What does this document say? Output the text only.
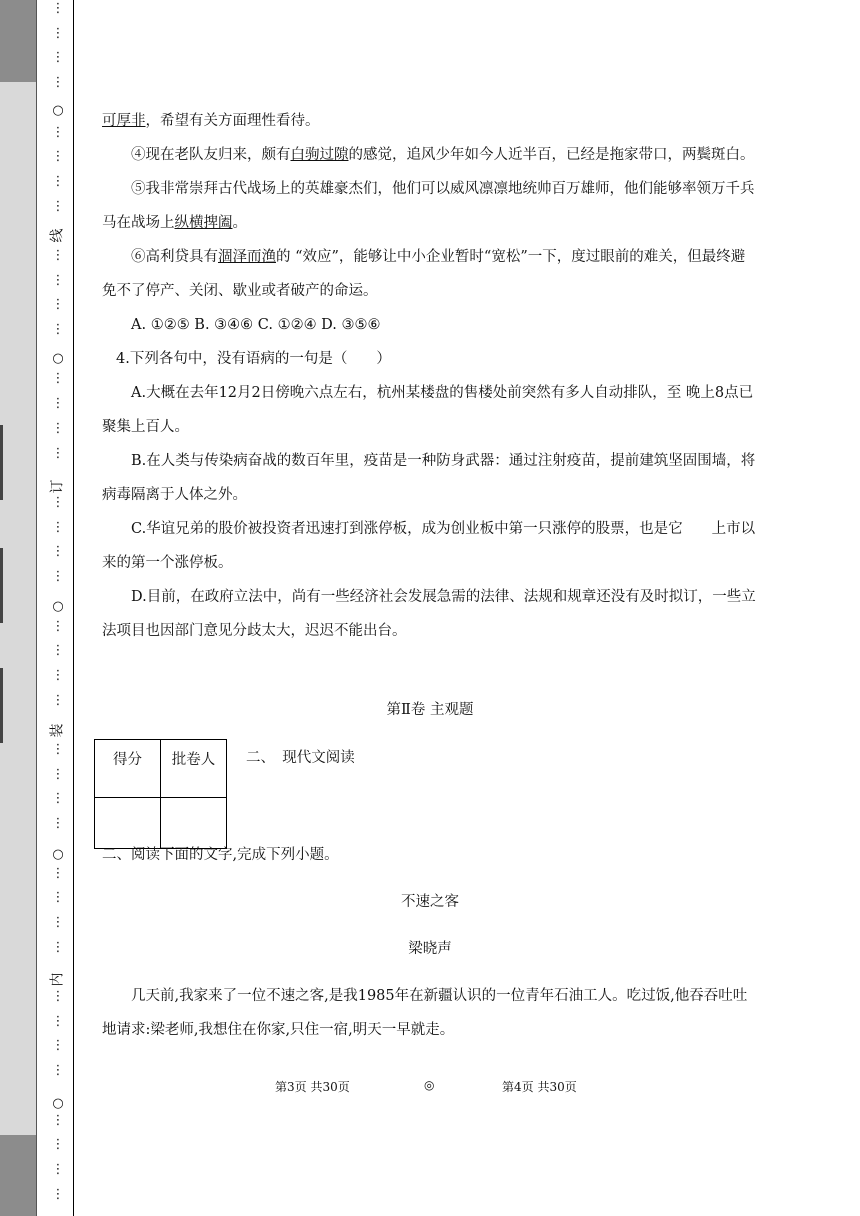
⋮
⋮
⋮
⋮
⋮
⋮
⋮
⋮
⋮
⋮
⋮
⋮
⋮
⋮
⋮
⋮
⋮
⋮
⋮
⋮
⋮
⋮
⋮
⋮
⋮
⋮
⋮
⋮
⋮
⋮
⋮
⋮
⋮
⋮
⋮
⋮
⋮
⋮
⋮
⋮
○
○
○
○
○
线
订
装
内

可厚非，希望有关方面理性看待。

④现在老队友归来，颇有白驹过隙的感觉，追风少年如今人近半百，已经是拖家带口，两鬓斑白。

⑤我非常崇拜古代战场上的英雄豪杰们，他们可以威风凛凛地统帅百万雄师，他们能够率领万千兵马在战场上纵横捭阖。

⑥高利贷具有涸泽而渔的 “效应”，能够让中小企业暂时“宽松”一下，度过眼前的难关，但最终避免不了停产、关闭、歇业或者破产的命运。

A. ①②⑤ B. ③④⑥ C. ①②④ D. ③⑤⑥

4.下列各句中，没有语病的一句是（　　）

A.大概在去年12月2日傍晚六点左右，杭州某楼盘的售楼处前突然有多人自动排队，至 晚上8点已聚集上百人。

B.在人类与传染病奋战的数百年里，疫苗是一种防身武器：通过注射疫苗，提前建筑坚固围墙，将病毒隔离于人体之外。

C.华谊兄弟的股价被投资者迅速打到涨停板，成为创业板中第一只涨停的股票，也是它　　上市以来的第一个涨停板。

D.目前，在政府立法中，尚有一些经济社会发展急需的法律、法规和规章还没有及时拟订，一些立法项目也因部门意见分歧太大，迟迟不能出台。

第Ⅱ卷 主观题
得分	批卷人
	二、　现代文阅读

二、阅读下面的文字,完成下列小题。

不速之客

梁晓声

几天前,我家来了一位不速之客,是我1985年在新疆认识的一位青年石油工人。吃过饭,他吞吞吐吐地请求:梁老师,我想住在你家,只住一宿,明天一早就走。

第3页 共30页	◎	第4页 共30页
